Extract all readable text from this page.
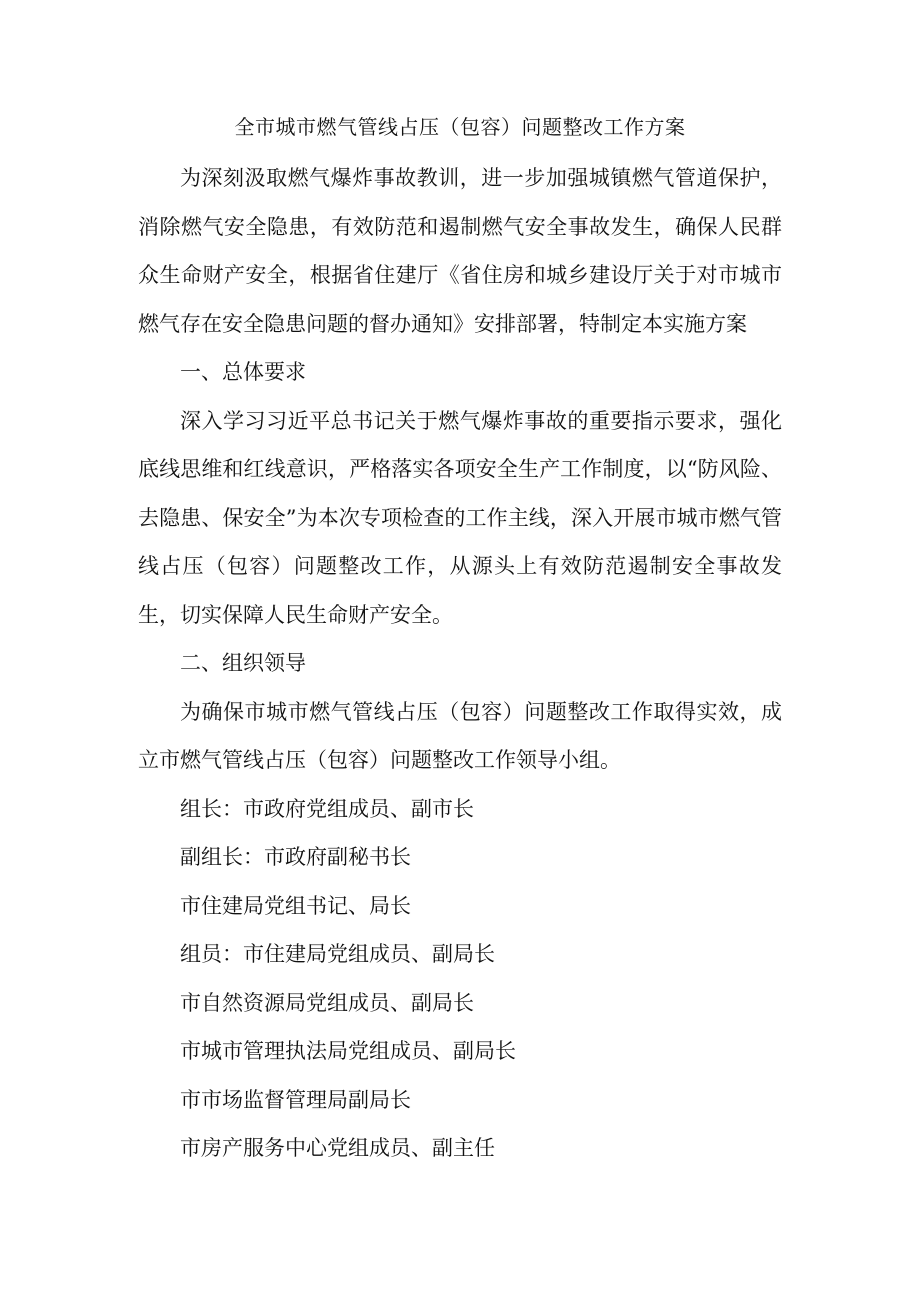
全市城市燃气管线占压（包容）问题整改工作方案

为深刻汲取燃气爆炸事故教训，进一步加强城镇燃气管道保护，消除燃气安全隐患，有效防范和遏制燃气安全事故发生，确保人民群众生命财产安全，根据省住建厅《省住房和城乡建设厅关于对市城市燃气存在安全隐患问题的督办通知》安排部署，特制定本实施方案

一、总体要求

深入学习习近平总书记关于燃气爆炸事故的重要指示要求，强化底线思维和红线意识，严格落实各项安全生产工作制度，以“防风险、去隐患、保安全”为本次专项检查的工作主线，深入开展市城市燃气管线占压（包容）问题整改工作，从源头上有效防范遏制安全事故发生，切实保障人民生命财产安全。

二、组织领导

为确保市城市燃气管线占压（包容）问题整改工作取得实效，成立市燃气管线占压（包容）问题整改工作领导小组。

组长：市政府党组成员、副市长

副组长：市政府副秘书长

市住建局党组书记、局长

组员：市住建局党组成员、副局长

市自然资源局党组成员、副局长

市城市管理执法局党组成员、副局长

市市场监督管理局副局长

市房产服务中心党组成员、副主任
